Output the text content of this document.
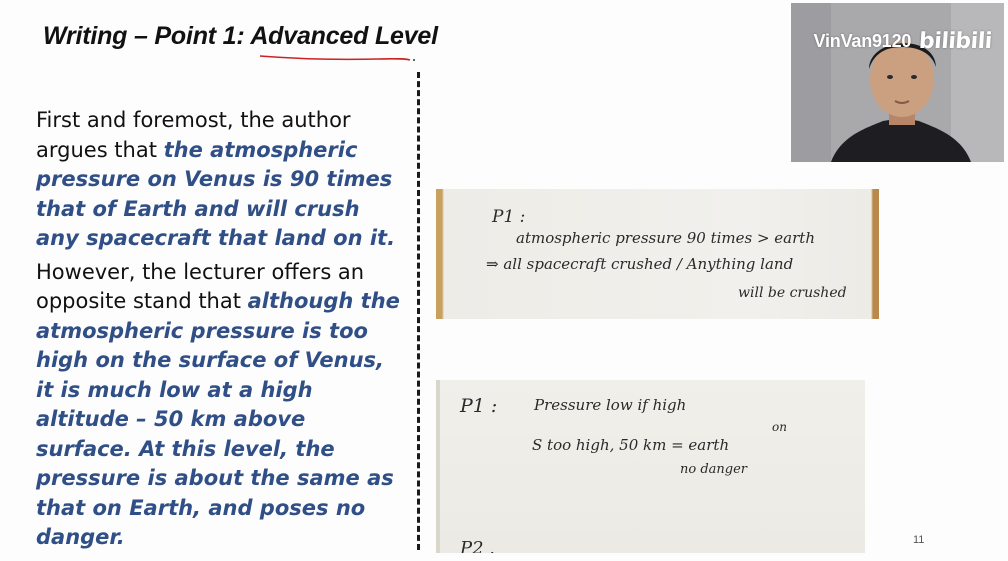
Writing – Point 1: Advanced Level

First and foremost, the author argues that the atmospheric pressure on Venus is 90 times that of Earth and will crush any spacecraft that land on it.

However, the lecturer offers an opposite stand that although the atmospheric pressure is too high on the surface of Venus, it is much low at a high altitude – 50 km above surface. At this level, the pressure is about the same as that on Earth, and poses no danger.

P1 :
atmospheric pressure 90 times > earth
⇒ all spacecraft crushed / Anything land
will be crushed
P1 : Pressure low if high
on
S too high, 50 km = earth
no danger
P2 .	11
VinVan9120 bilibili
